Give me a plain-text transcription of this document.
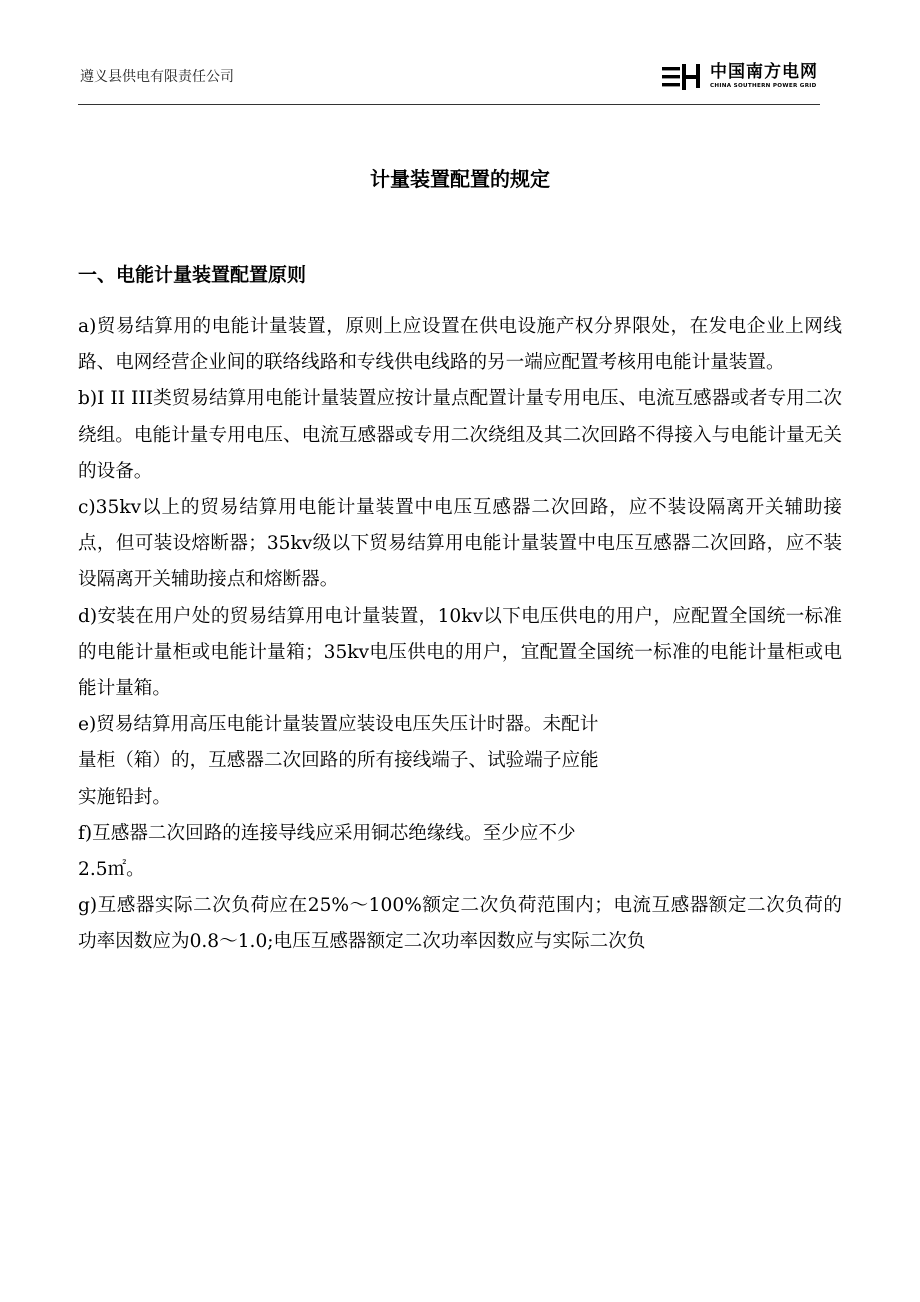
遵义县供电有限责任公司	中国南方电网
CHINA SOUTHERN POWER GRID
计量装置配置的规定
一、电能计量装置配置原则

a)贸易结算用的电能计量装置，原则上应设置在供电设施产权分界限处，在发电企业上网线路、电网经营企业间的联络线路和专线供电线路的另一端应配置考核用电能计量装置。

b)I II III类贸易结算用电能计量装置应按计量点配置计量专用电压、电流互感器或者专用二次绕组。电能计量专用电压、电流互感器或专用二次绕组及其二次回路不得接入与电能计量无关的设备。

c)35kv以上的贸易结算用电能计量装置中电压互感器二次回路，应不装设隔离开关辅助接点，但可装设熔断器；35kv级以下贸易结算用电能计量装置中电压互感器二次回路，应不装设隔离开关辅助接点和熔断器。

d)安装在用户处的贸易结算用电计量装置，10kv以下电压供电的用户，应配置全国统一标准的电能计量柜或电能计量箱；35kv电压供电的用户，宜配置全国统一标准的电能计量柜或电能计量箱。

e)贸易结算用高压电能计量装置应装设电压失压计时器。未配计

量柜（箱）的，互感器二次回路的所有接线端子、试验端子应能

实施铅封。

f)互感器二次回路的连接导线应采用铜芯绝缘线。至少应不少

2.5㎡。

g)互感器实际二次负荷应在25%～100%额定二次负荷范围内；电流互感器额定二次负荷的功率因数应为0.8～1.0;电压互感器额定二次功率因数应与实际二次负
